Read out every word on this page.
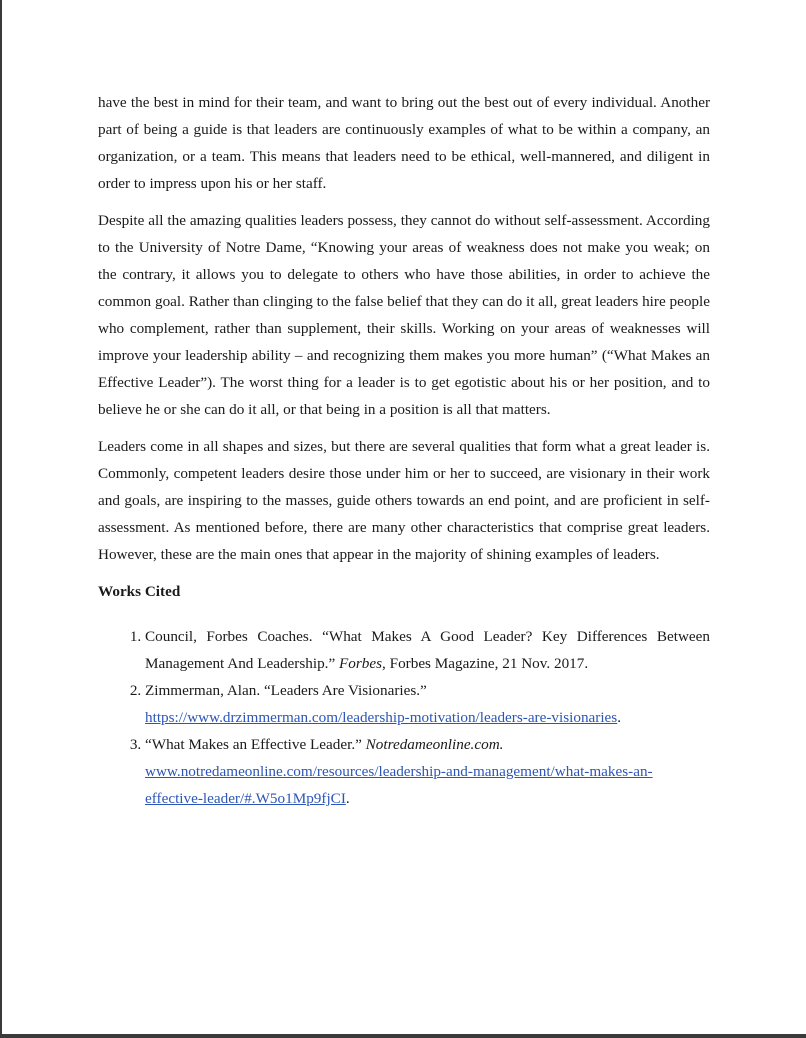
have the best in mind for their team, and want to bring out the best out of every individual. Another part of being a guide is that leaders are continuously examples of what to be within a company, an organization, or a team. This means that leaders need to be ethical, well-mannered, and diligent in order to impress upon his or her staff.

Despite all the amazing qualities leaders possess, they cannot do without self-assessment. According to the University of Notre Dame, “Knowing your areas of weakness does not make you weak; on the contrary, it allows you to delegate to others who have those abilities, in order to achieve the common goal. Rather than clinging to the false belief that they can do it all, great leaders hire people who complement, rather than supplement, their skills. Working on your areas of weaknesses will improve your leadership ability – and recognizing them makes you more human” (“What Makes an Effective Leader”). The worst thing for a leader is to get egotistic about his or her position, and to believe he or she can do it all, or that being in a position is all that matters.

Leaders come in all shapes and sizes, but there are several qualities that form what a great leader is. Commonly, competent leaders desire those under him or her to succeed, are visionary in their work and goals, are inspiring to the masses, guide others towards an end point, and are proficient in self-assessment. As mentioned before, there are many other characteristics that comprise great leaders. However, these are the main ones that appear in the majority of shining examples of leaders.

Works Cited
1. Council, Forbes Coaches. “What Makes A Good Leader? Key Differences Between Management And Leadership.” Forbes, Forbes Magazine, 21 Nov. 2017.
2. Zimmerman, Alan. “Leaders Are Visionaries.”
https://www.drzimmerman.com/leadership-motivation/leaders-are-visionaries.
3. “What Makes an Effective Leader.” Notredameonline.com.
www.notredameonline.com/resources/leadership-and-management/what-makes-an-effective-leader/#.W5o1Mp9fjCI.
